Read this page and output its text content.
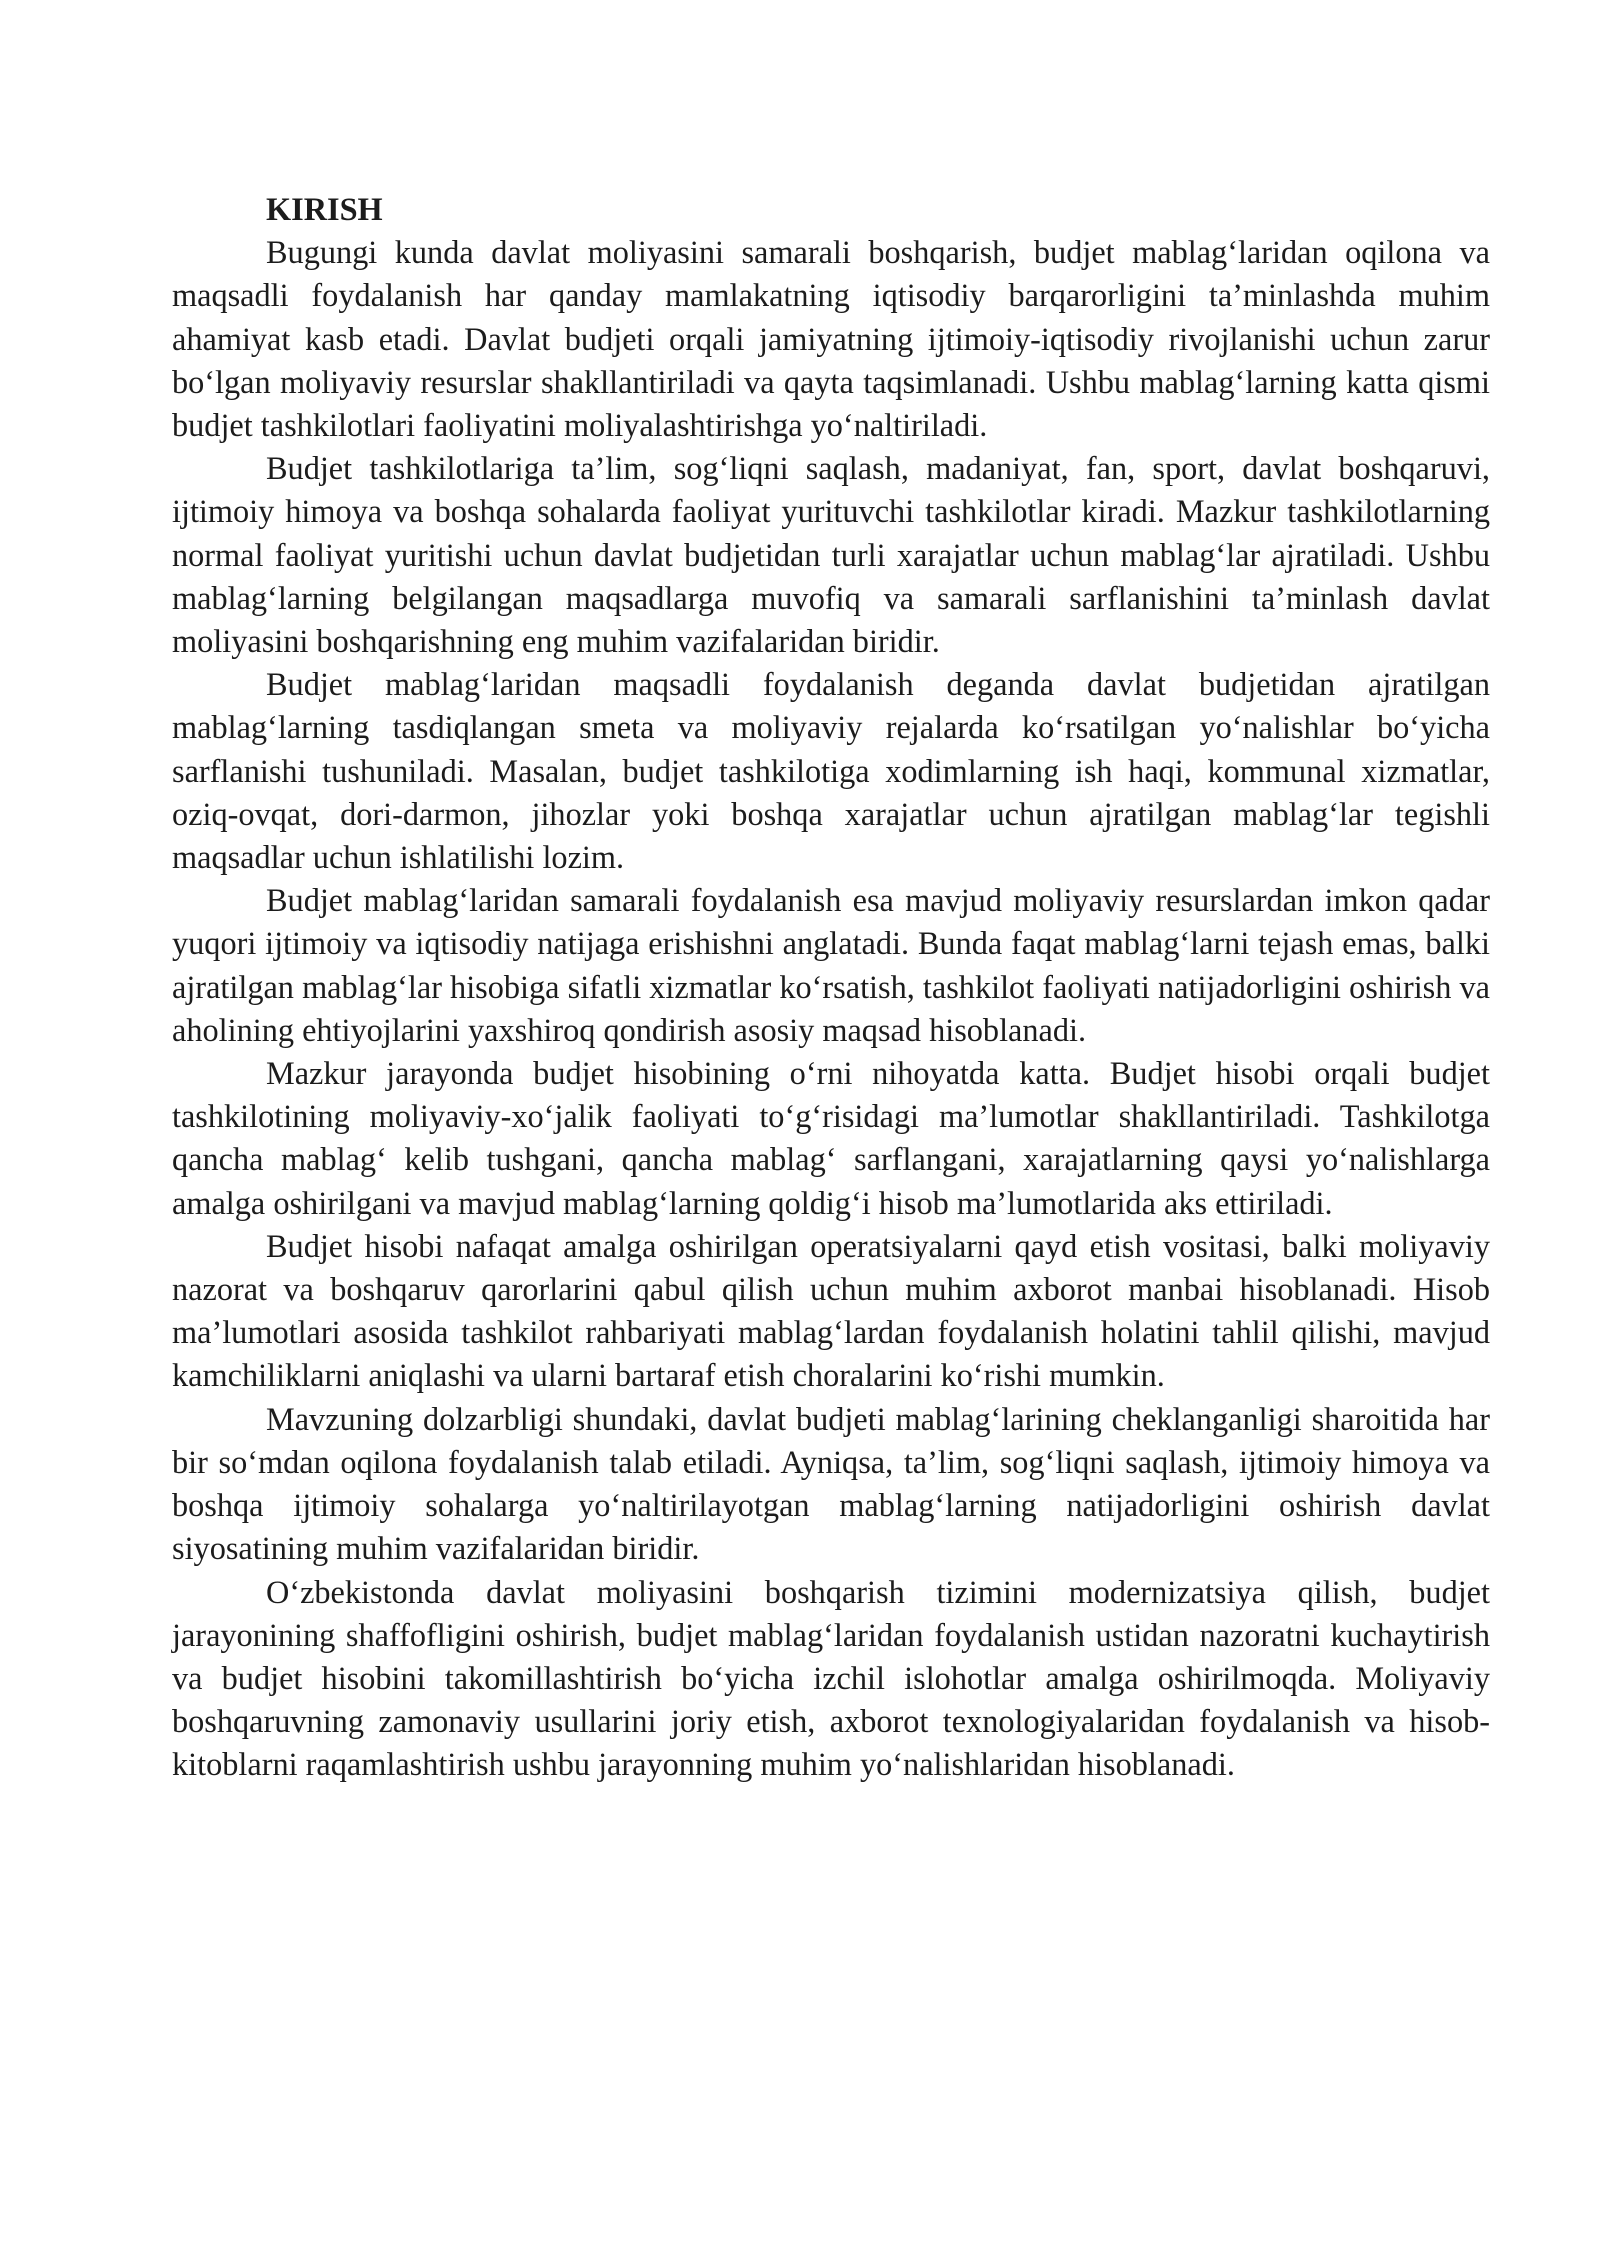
KIRISH

Bugungi kunda davlat moliyasini samarali boshqarish, budjet mablag‘laridan oqilona va maqsadli foydalanish har qanday mamlakatning iqtisodiy barqarorligini ta’minlashda muhim ahamiyat kasb etadi. Davlat budjeti orqali jamiyatning ijtimoiy-iqtisodiy rivojlanishi uchun zarur bo‘lgan moliyaviy resurslar shakllantiriladi va qayta taqsimlanadi. Ushbu mablag‘larning katta qismi budjet tashkilotlari faoliyatini moliyalashtirishga yo‘naltiriladi.

Budjet tashkilotlariga ta’lim, sog‘liqni saqlash, madaniyat, fan, sport, davlat boshqaruvi, ijtimoiy himoya va boshqa sohalarda faoliyat yurituvchi tashkilotlar kiradi. Mazkur tashkilotlarning normal faoliyat yuritishi uchun davlat budjetidan turli xarajatlar uchun mablag‘lar ajratiladi. Ushbu mablag‘larning belgilangan maqsadlarga muvofiq va samarali sarflanishini ta’minlash davlat moliyasini boshqarishning eng muhim vazifalaridan biridir.

Budjet mablag‘laridan maqsadli foydalanish deganda davlat budjetidan ajratilgan mablag‘larning tasdiqlangan smeta va moliyaviy rejalarda ko‘rsatilgan yo‘nalishlar bo‘yicha sarflanishi tushuniladi. Masalan, budjet tashkilotiga xodimlarning ish haqi, kommunal xizmatlar, oziq-ovqat, dori-darmon, jihozlar yoki boshqa xarajatlar uchun ajratilgan mablag‘lar tegishli maqsadlar uchun ishlatilishi lozim.

Budjet mablag‘laridan samarali foydalanish esa mavjud moliyaviy resurslardan imkon qadar yuqori ijtimoiy va iqtisodiy natijaga erishishni anglatadi. Bunda faqat mablag‘larni tejash emas, balki ajratilgan mablag‘lar hisobiga sifatli xizmatlar ko‘rsatish, tashkilot faoliyati natijadorligini oshirish va aholining ehtiyojlarini yaxshiroq qondirish asosiy maqsad hisoblanadi.

Mazkur jarayonda budjet hisobining o‘rni nihoyatda katta. Budjet hisobi orqali budjet tashkilotining moliyaviy-xo‘jalik faoliyati to‘g‘risidagi ma’lumotlar shakllantiriladi. Tashkilotga qancha mablag‘ kelib tushgani, qancha mablag‘ sarflangani, xarajatlarning qaysi yo‘nalishlarga amalga oshirilgani va mavjud mablag‘larning qoldig‘i hisob ma’lumotlarida aks ettiriladi.

Budjet hisobi nafaqat amalga oshirilgan operatsiyalarni qayd etish vositasi, balki moliyaviy nazorat va boshqaruv qarorlarini qabul qilish uchun muhim axborot manbai hisoblanadi. Hisob ma’lumotlari asosida tashkilot rahbariyati mablag‘lardan foydalanish holatini tahlil qilishi, mavjud kamchiliklarni aniqlashi va ularni bartaraf etish choralarini ko‘rishi mumkin.

Mavzuning dolzarbligi shundaki, davlat budjeti mablag‘larining cheklanganligi sharoitida har bir so‘mdan oqilona foydalanish talab etiladi. Ayniqsa, ta’lim, sog‘liqni saqlash, ijtimoiy himoya va boshqa ijtimoiy sohalarga yo‘naltirilayotgan mablag‘larning natijadorligini oshirish davlat siyosatining muhim vazifalaridan biridir.

O‘zbekistonda davlat moliyasini boshqarish tizimini modernizatsiya qilish, budjet jarayonining shaffofligini oshirish, budjet mablag‘laridan foydalanish ustidan nazoratni kuchaytirish va budjet hisobini takomillashtirish bo‘yicha izchil islohotlar amalga oshirilmoqda. Moliyaviy boshqaruvning zamonaviy usullarini joriy etish, axborot texnologiyalaridan foydalanish va hisob-kitoblarni raqamlashtirish ushbu jarayonning muhim yo‘nalishlaridan hisoblanadi.
